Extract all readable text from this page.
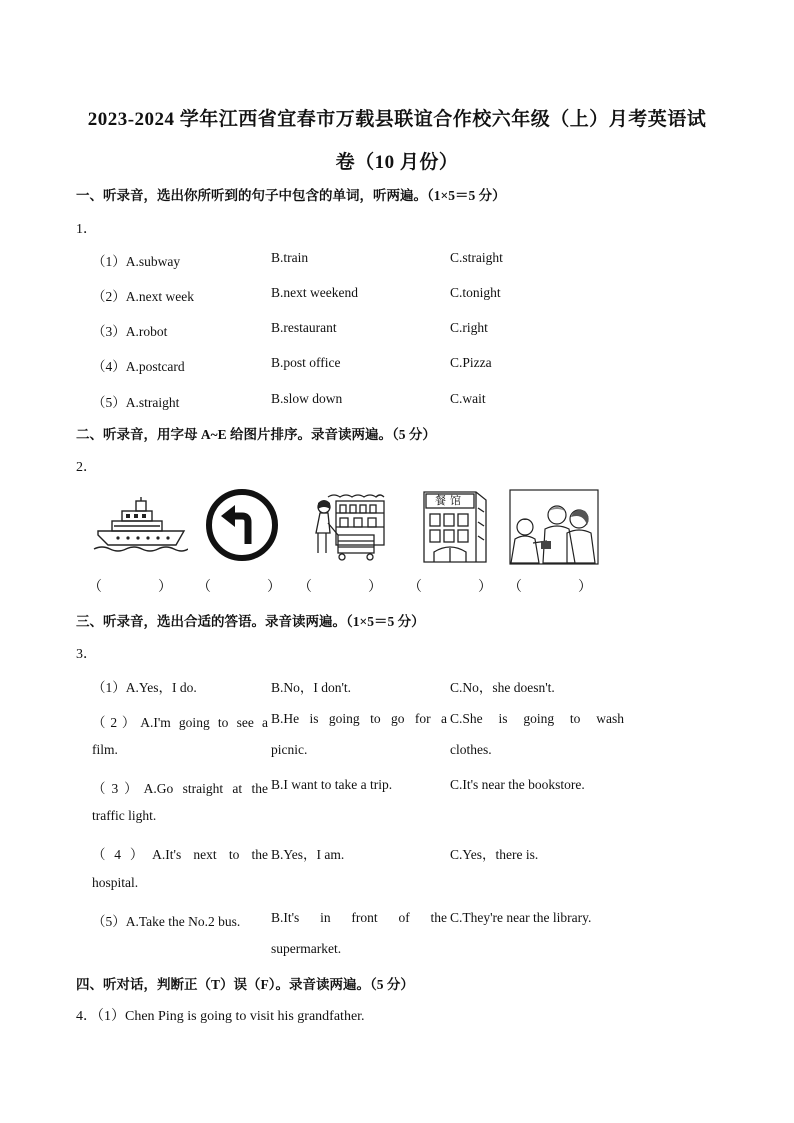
2023-2024 学年江西省宜春市万载县联谊合作校六年级（上）月考英语试
卷（10 月份）
一、听录音，选出你所听到的句子中包含的单词，听两遍。（1×5＝5 分）
1．
（1）A.subway	B.train	C.straight
（2）A.next week	B.next weekend	C.tonight
（3）A.robot	B.restaurant	C.right
（4）A.postcard	B.post office	C.Pizza
（5）A.straight	B.slow down	C.wait
二、听录音，用字母 A~E 给图片排序。录音读两遍。（5 分）
2．
餐馆
（　　　　） （　　　　） （　　　　） （　　　　） （　　　　）
三、听录音，选出合适的答语。录音读两遍。（1×5＝5 分）
3．
（1）A.Yes，I do.	B.No，I don't.	C.No，she doesn't.
（2）A.I'm going to see a
film.
B.He is going to go for a
picnic.
C.She is going to wash
clothes.
（3）A.Go straight at the
traffic light.
B.I want to take a trip.	C.It's near the bookstore.
（4）A.It's next to the
hospital.
B.Yes，I am.	C.Yes，there is.
（5）A.Take the No.2 bus. B.It's in front of the
supermarket.
C.They're near the library.
四、听对话，判断正（T）误（F）。录音读两遍。（5 分）
4．（1）Chen Ping is going to visit his grandfather.
